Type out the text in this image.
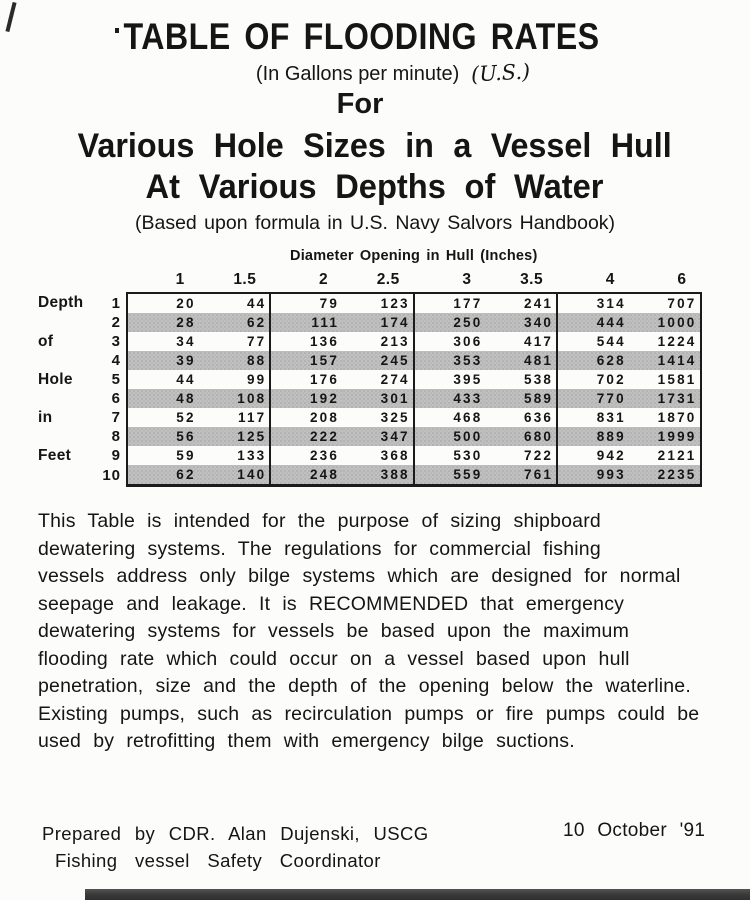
TABLE OF FLOODING RATES
(In Gallons per minute) (U.S.)
For
Various Hole Sizes in a Vessel Hull
At Various Depths of Water
(Based upon formula in U.S. Navy Salvors Handbook)
		Diameter Opening in Hull (Inches)							
		1	1.5	2	2.5	3	3.5	4	6
Depth	1	20	44	79	123	177	241	314	707
	2	28	62	111	174	250	340	444	1000
of	3	34	77	136	213	306	417	544	1224
	4	39	88	157	245	353	481	628	1414
Hole	5	44	99	176	274	395	538	702	1581
	6	48	108	192	301	433	589	770	1731
in	7	52	117	208	325	468	636	831	1870
	8	56	125	222	347	500	680	889	1999
Feet	9	59	133	236	368	530	722	942	2121
	10	62	140	248	388	559	761	993	2235
This Table is intended for the purpose of sizing shipboard
dewatering systems. The regulations for commercial fishing
vessels address only bilge systems which are designed for normal
seepage and leakage. It is RECOMMENDED that emergency
dewatering systems for vessels be based upon the maximum
flooding rate which could occur on a vessel based upon hull
penetration, size and the depth of the opening below the waterline.
Existing pumps, such as recirculation pumps or fire pumps could be
used by retrofitting them with emergency bilge suctions.
Prepared by CDR. Alan Dujenski, USCG
Fishing vessel Safety Coordinator
10 October '91
